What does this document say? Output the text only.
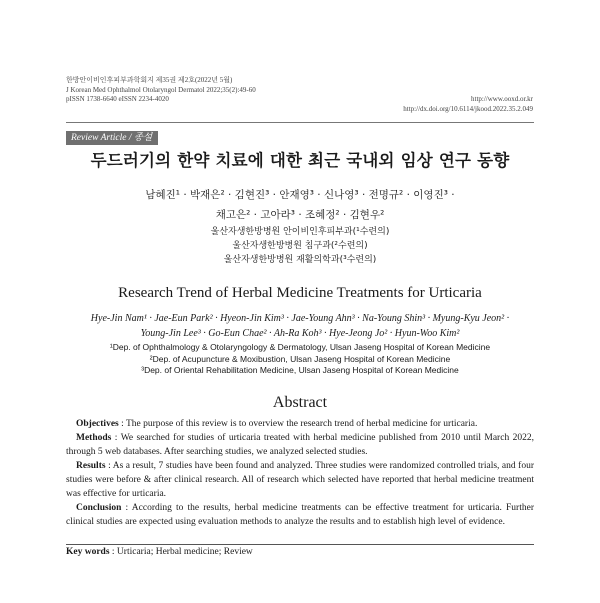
한방안이비인후피부과학회지 제35권 제2호(2022년 5월)
J Korean Med Ophthalmol Otolaryngol Dermatol 2022;35(2):49-60
pISSN 1738-6640 eISSN 2234-4020	http://www.ooxd.or.kr
http://dx.doi.org/10.6114/jkood.2022.35.2.049
Review Article / 종설
두드러기의 한약 치료에 대한 최근 국내외 임상 연구 동향
남혜진¹ · 박재은² · 김현진³ · 안재영³ · 신나영³ · 전명규² · 이영진³ ·
채고은² · 고아라³ · 조혜정² · 김현우²
울산자생한방병원 안이비인후피부과(¹수련의)
울산자생한방병원 침구과(²수련의)
울산자생한방병원 재활의학과(³수련의)
Research Trend of Herbal Medicine Treatments for Urticaria
Hye-Jin Nam¹ · Jae-Eun Park² · Hyeon-Jin Kim³ · Jae-Young Ahn³ · Na-Young Shin³ · Myung-Kyu Jeon² ·
Young-Jin Lee³ · Go-Eun Chae² · Ah-Ra Koh³ · Hye-Jeong Jo² · Hyun-Woo Kim²
¹Dep. of Ophthalmology & Otolaryngology & Dermatology, Ulsan Jaseng Hospital of Korean Medicine
²Dep. of Acupuncture & Moxibustion, Ulsan Jaseng Hospital of Korean Medicine
³Dep. of Oriental Rehabilitation Medicine, Ulsan Jaseng Hospital of Korean Medicine
Abstract

Objectives : The purpose of this review is to overview the research trend of herbal medicine for urticaria.

Methods : We searched for studies of urticaria treated with herbal medicine published from 2010 until March 2022, through 5 web databases. After searching studies, we analyzed selected studies.

Results : As a result, 7 studies have been found and analyzed. Three studies were randomized controlled trials, and four studies were before & after clinical research. All of research which selected have reported that herbal medicine treatment was effective for urticaria.

Conclusion : According to the results, herbal medicine treatments can be effective treatment for urticaria. Further clinical studies are expected using evaluation methods to analyze the results and to establish high level of evidence.

Key words : Urticaria; Herbal medicine; Review
